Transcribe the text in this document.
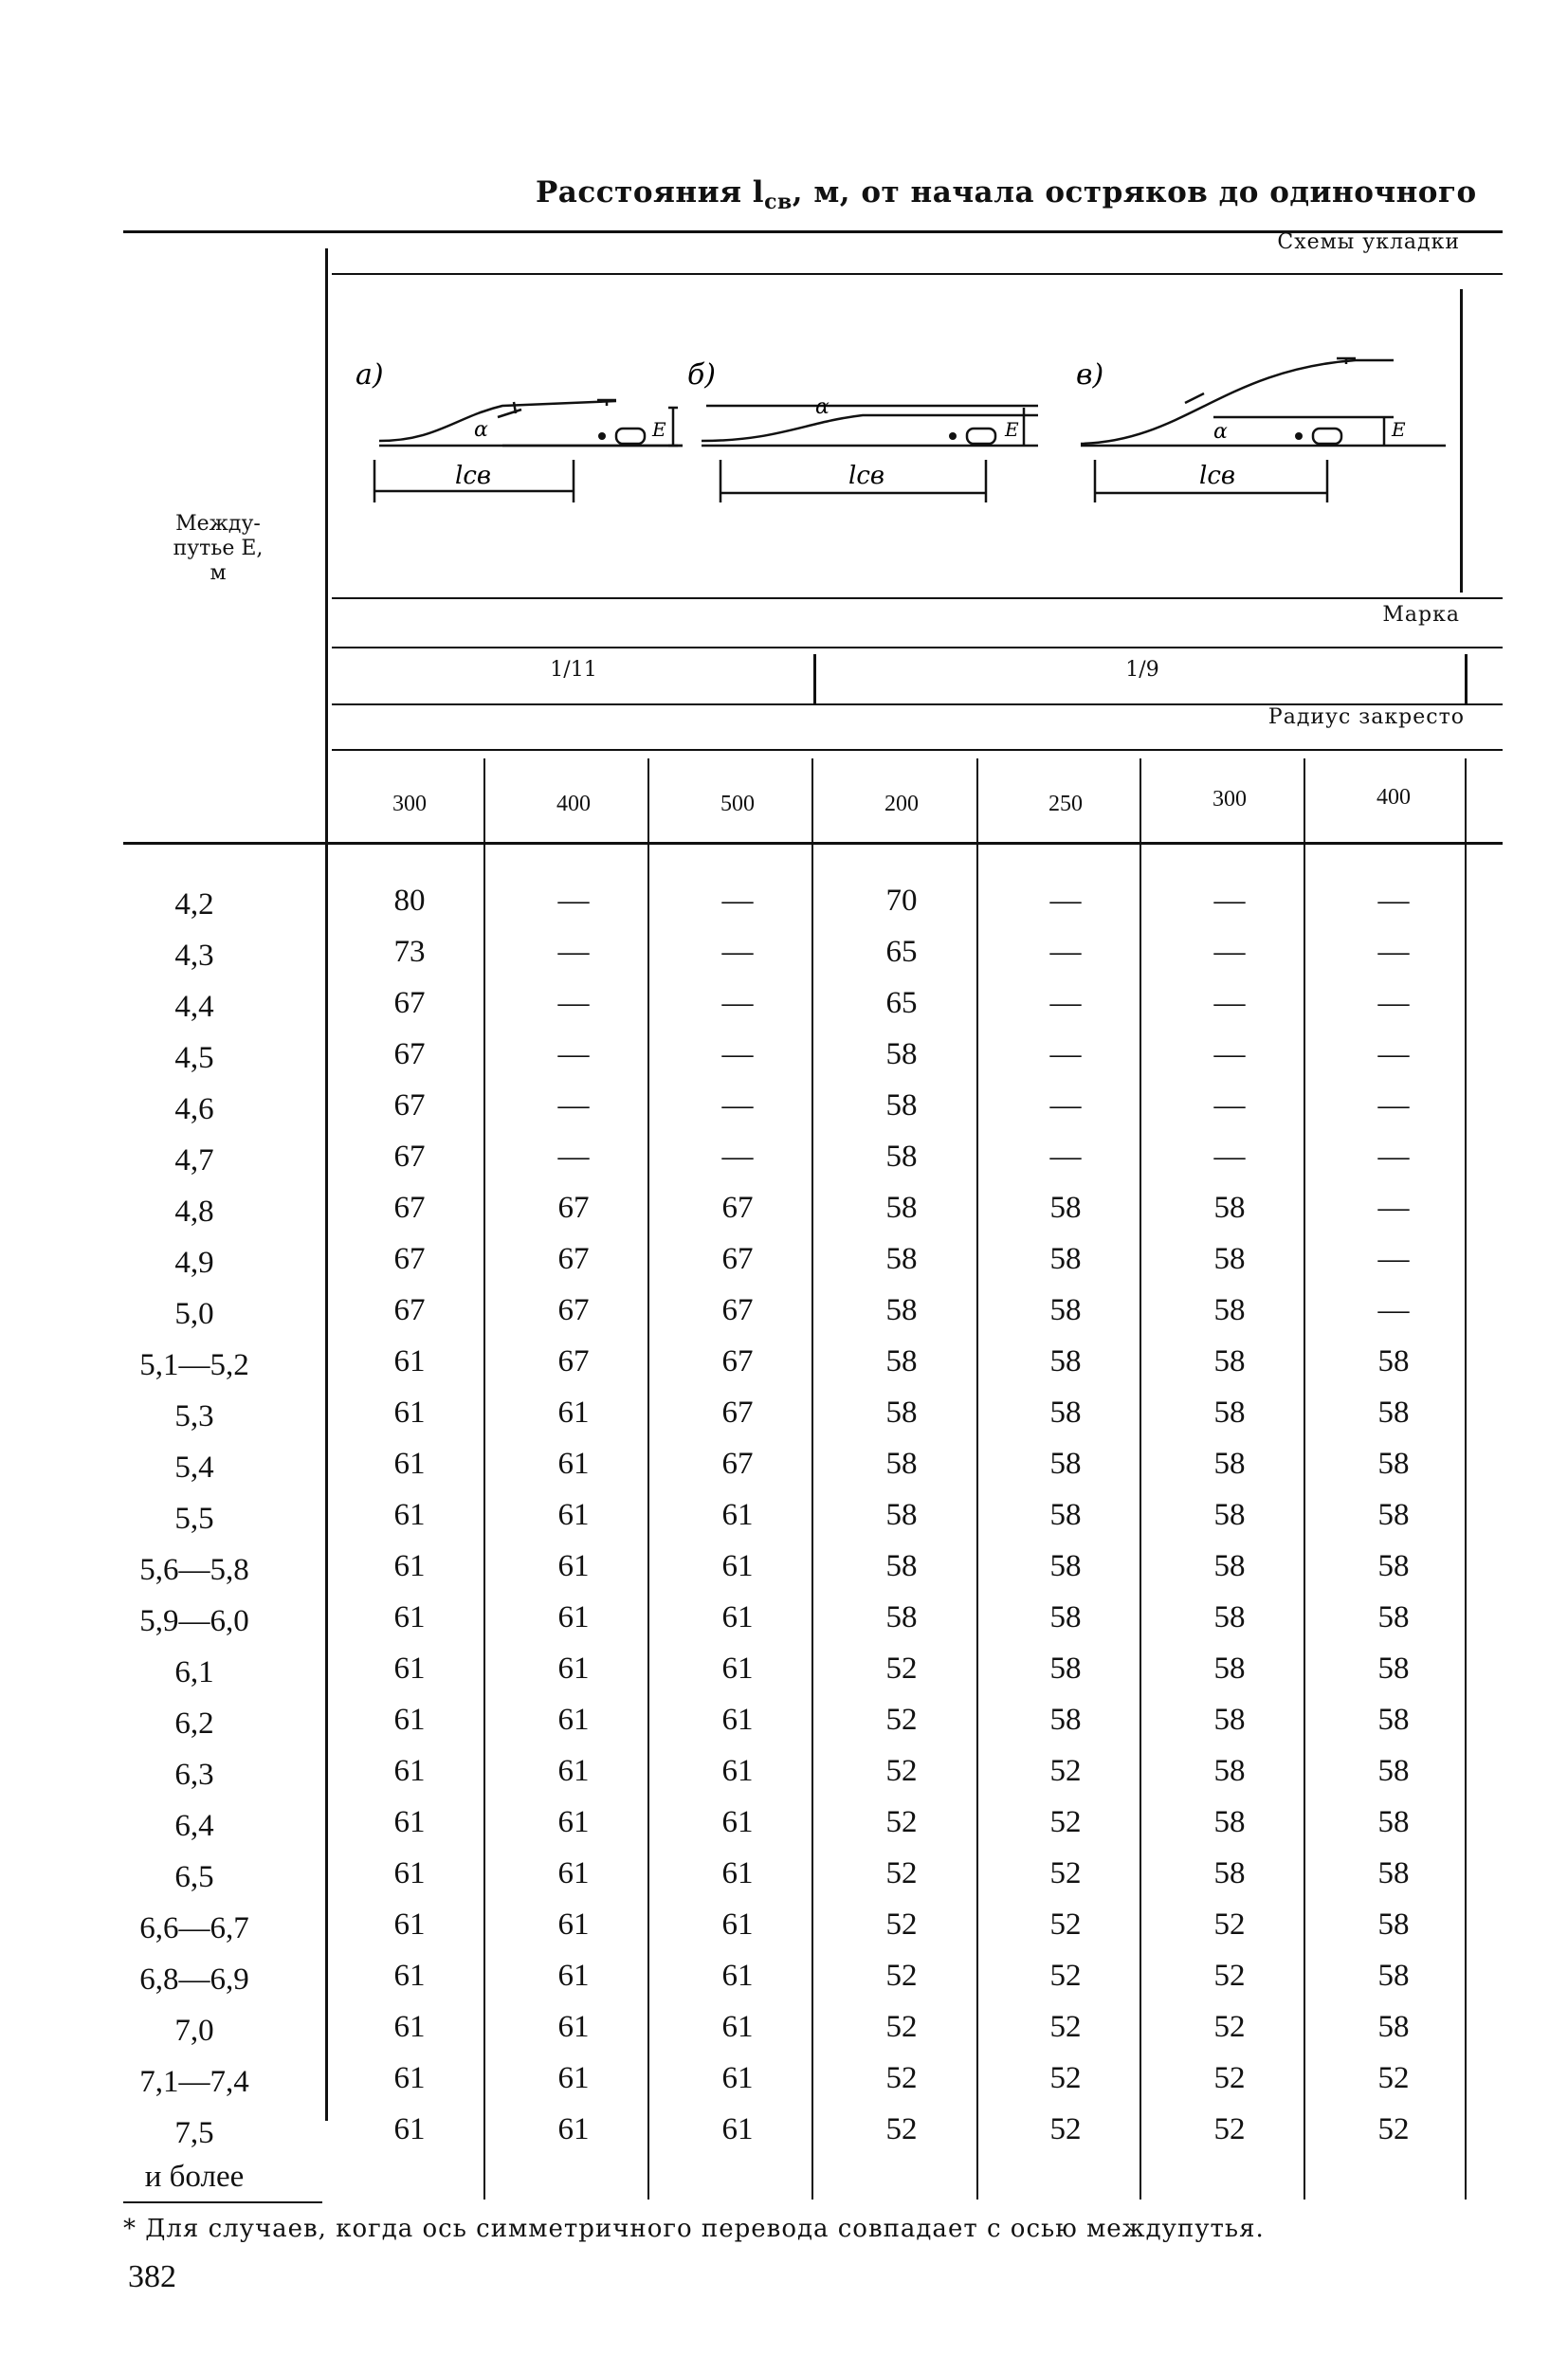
Расстояния $l_{св}$, м, от начала остряков до одиночного
Между-
путье E,
м
Схемы укладки
Марка
1/11	1/9
Радиус закресто
300	400	500	200	250	300	400
а)
α
lсв
E
б)
α
lсв
E
в)
α
lсв
E
4,2	80	—	—	70	—	—	—
4,3	73	—	—	65	—	—	—
4,4	67	—	—	65	—	—	—
4,5	67	—	—	58	—	—	—
4,6	67	—	—	58	—	—	—
4,7	67	—	—	58	—	—	—
4,8	67	67	67	58	58	58	—
4,9	67	67	67	58	58	58	—
5,0	67	67	67	58	58	58	—
5,1—5,2	61	67	67	58	58	58	58
5,3	61	61	67	58	58	58	58
5,4	61	61	67	58	58	58	58
5,5	61	61	61	58	58	58	58
5,6—5,8	61	61	61	58	58	58	58
5,9—6,0	61	61	61	58	58	58	58
6,1	61	61	61	52	58	58	58
6,2	61	61	61	52	58	58	58
6,3	61	61	61	52	52	58	58
6,4	61	61	61	52	52	58	58
6,5	61	61	61	52	52	58	58
6,6—6,7	61	61	61	52	52	52	58
6,8—6,9	61	61	61	52	52	52	58
7,0	61	61	61	52	52	52	58
7,1—7,4	61	61	61	52	52	52	52
7,5	61	61	61	52	52	52	52
и более
* Для случаев, когда ось симметричного перевода совпадает с осью междупутья.
382
